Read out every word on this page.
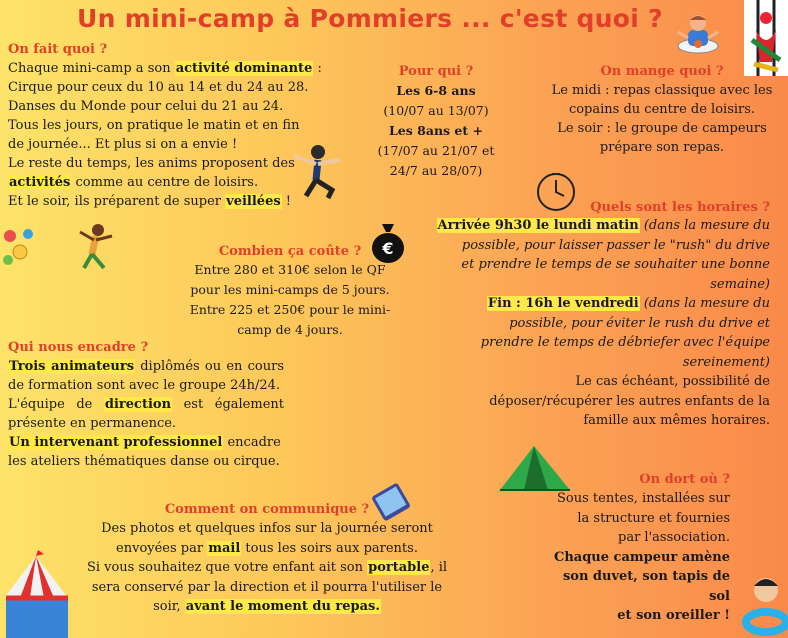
Un mini-camp à Pommiers ... c'est quoi ?
€
On fait quoi ?
Chaque mini-camp a son activité dominante :
Cirque pour ceux du 10 au 14 et du 24 au 28.
Danses du Monde pour celui du 21 au 24.
Tous les jours, on pratique le matin et en fin
de journée... Et plus si on a envie !
Le reste du temps, les anims proposent des
activités comme au centre de loisirs.
Et le soir, ils préparent de super veillées !
Pour qui ?
Les 6-8 ans
(10/07 au 13/07)
Les 8ans et +
(17/07 au 21/07 et
24/7 au 28/07)
On mange quoi ?
Le midi : repas classique avec les
copains du centre de loisirs.
Le soir : le groupe de campeurs
prépare son repas.
Combien ça coûte ?
Entre 280 et 310€ selon le QF
pour les mini-camps de 5 jours.
Entre 225 et 250€ pour le mini-
camp de 4 jours.
Quels sont les horaires ?
Arrivée 9h30 le lundi matin (dans la mesure du
possible, pour laisser passer le "rush" du drive
et prendre le temps de se souhaiter une bonne
semaine)
Fin : 16h le vendredi (dans la mesure du
possible, pour éviter le rush du drive et
prendre le temps de débriefer avec l'équipe
sereinement)
Le cas échéant, possibilité de
déposer/récupérer les autres enfants de la
famille aux mêmes horaires.
Qui nous encadre ?
Trois animateurs diplômés ou en cours
de formation sont avec le groupe 24h/24.
L'équipe de direction est également
présente en permanence.
Un intervenant professionnel encadre
les ateliers thématiques danse ou cirque.
On dort où ?
Sous tentes, installées sur
la structure et fournies
par l'association.
Chaque campeur amène
son duvet, son tapis de sol
et son oreiller !
Comment on communique ?
Des photos et quelques infos sur la journée seront
envoyées par mail tous les soirs aux parents.
Si vous souhaitez que votre enfant ait son portable, il
sera conservé par la direction et il pourra l'utiliser le
soir, avant le moment du repas.
